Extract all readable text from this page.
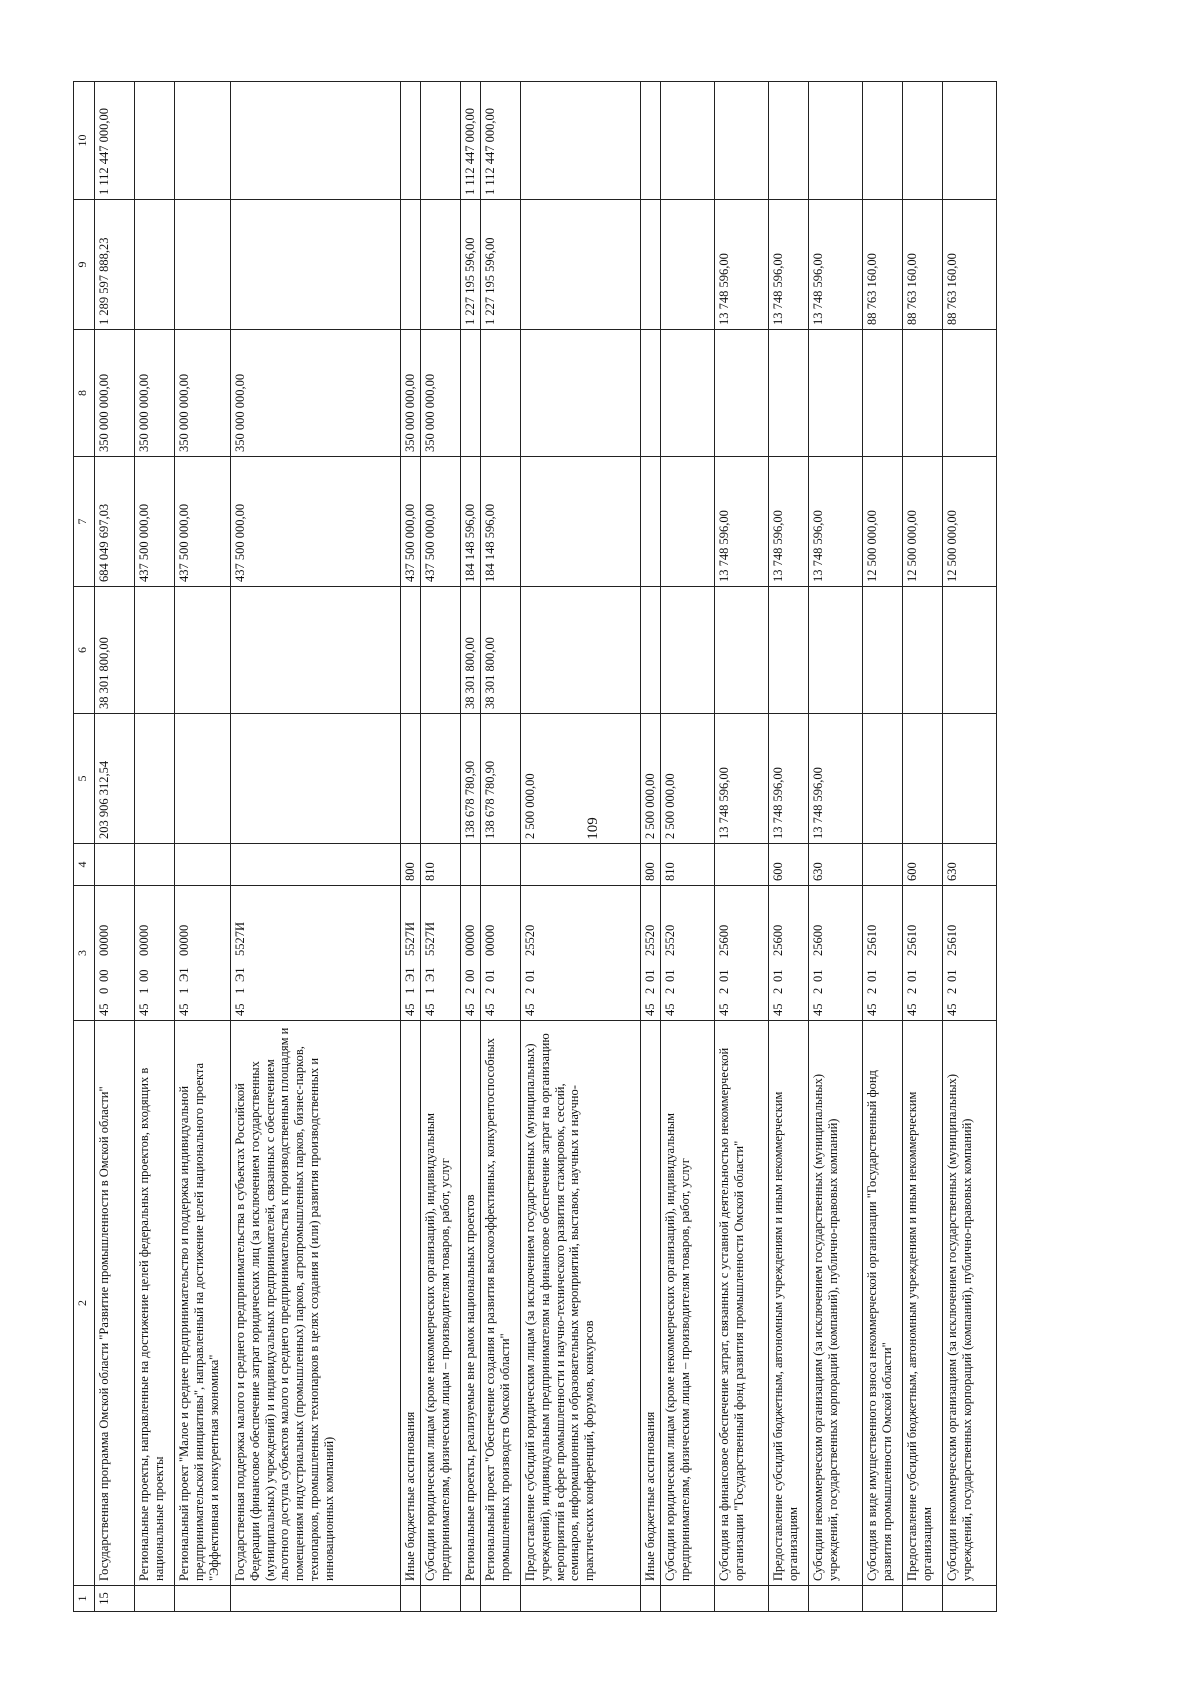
109
1	2	3	4	5	6	7	8	9	10
15	Государственная программа Омской области "Развитие промышленности в Омской области"	4500000000		203 906 312,54	38 301 800,00	684 049 697,03	350 000 000,00	1 289 597 888,23	1 112 447 000,00
	Региональные проекты, направленные на достижение целей федеральных проектов, входящих в национальные проекты	4510000000				437 500 000,00	350 000 000,00		
	Региональный проект "Малое и среднее предпринимательство и поддержка индивидуальной предпринимательской инициативы", направленный на достижение целей национального проекта "Эффективная и конкурентная экономика"	451Э100000				437 500 000,00	350 000 000,00		
	Государственная поддержка малого и среднего предпринимательства в субъектах Российской Федерации (финансовое обеспечение затрат юридических лиц (за исключением государственных (муниципальных) учреждений) и индивидуальных предпринимателей, связанных с обеспечением льготного доступа субъектов малого и среднего предпринимательства к производственным площадям и помещениям индустриальных (промышленных) парков, агропромышленных парков, бизнес-парков, технопарков, промышленных технопарков в целях создания и (или) развития производственных и инновационных компаний)	451Э15527И				437 500 000,00	350 000 000,00		
	Иные бюджетные ассигнования	451Э15527И	800			437 500 000,00	350 000 000,00		
	Субсидии юридическим лицам (кроме некоммерческих организаций), индивидуальным предпринимателям, физическим лицам – производителям товаров, работ, услуг	451Э15527И	810			437 500 000,00	350 000 000,00		
	Региональные проекты, реализуемые вне рамок национальных проектов	4520000000		138 678 780,90	38 301 800,00	184 148 596,00		1 227 195 596,00	1 112 447 000,00
	Региональный проект "Обеспечение создания и развития высокоэффективных, конкурентоспособных промышленных производств Омской области"	4520100000		138 678 780,90	38 301 800,00	184 148 596,00		1 227 195 596,00	1 112 447 000,00
	Предоставление субсидий юридическим лицам (за исключением государственных (муниципальных) учреждений), индивидуальным предпринимателям на финансовое обеспечение затрат на организацию мероприятий в сфере промышленности и научно-технического развития стажировок, сессий, семинаров, информационных и образовательных мероприятий, выставок, научных и научно-практических конференций, форумов, конкурсов	4520125520		2 500 000,00					
	Иные бюджетные ассигнования	4520125520	800	2 500 000,00					
	Субсидии юридическим лицам (кроме некоммерческих организаций), индивидуальным предпринимателям, физическим лицам – производителям товаров, работ, услуг	4520125520	810	2 500 000,00					
	Субсидия на финансовое обеспечение затрат, связанных с уставной деятельностью некоммерческой организации "Государственный фонд развития промышленности Омской области"	4520125600		13 748 596,00		13 748 596,00		13 748 596,00	
	Предоставление субсидий бюджетным, автономным учреждениям и иным некоммерческим организациям	4520125600	600	13 748 596,00		13 748 596,00		13 748 596,00	
	Субсидии некоммерческим организациям (за исключением государственных (муниципальных) учреждений, государственных корпораций (компаний), публично-правовых компаний)	4520125600	630	13 748 596,00		13 748 596,00		13 748 596,00	
	Субсидия в виде имущественного взноса некоммерческой организации "Государственный фонд развития промышленности Омской области"	4520125610				12 500 000,00		88 763 160,00	
	Предоставление субсидий бюджетным, автономным учреждениям и иным некоммерческим организациям	4520125610	600			12 500 000,00		88 763 160,00	
	Субсидии некоммерческим организациям (за исключением государственных (муниципальных) учреждений, государственных корпораций (компаний), публично-правовых компаний)	4520125610	630			12 500 000,00		88 763 160,00	
